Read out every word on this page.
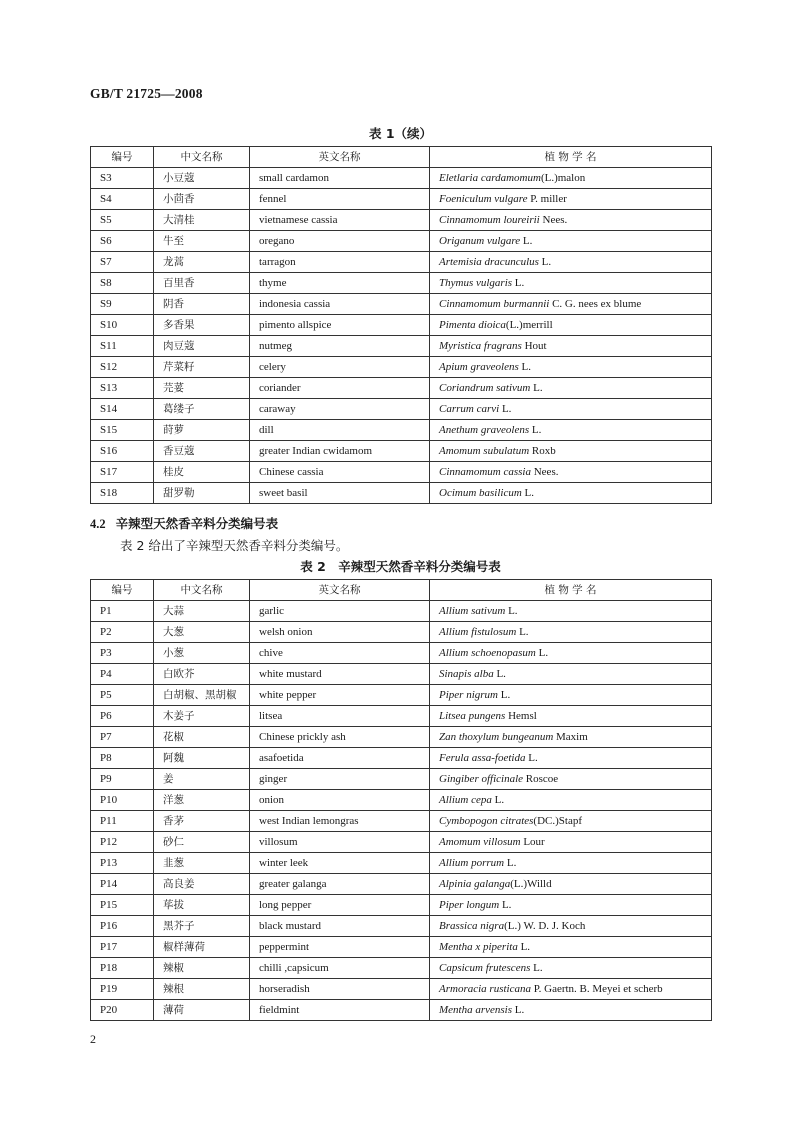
GB/T 21725—2008
表 1（续）
编号	中文名称	英文名称	植 物 学 名
S3	小豆蔻	small cardamon	Eletlaria cardamomum(L.)malon
S4	小茴香	fennel	Foeniculum vulgare P. miller
S5	大清桂	vietnamese cassia	Cinnamomum loureirii Nees.
S6	牛至	oregano	Origanum vulgare L.
S7	龙蒿	tarragon	Artemisia dracunculus L.
S8	百里香	thyme	Thymus vulgaris L.
S9	阴香	indonesia cassia	Cinnamomum burmannii C. G. nees ex blume
S10	多香果	pimento allspice	Pimenta dioica(L.)merrill
S11	肉豆蔻	nutmeg	Myristica fragrans Hout
S12	芹菜籽	celery	Apium graveolens L.
S13	芫荽	coriander	Coriandrum sativum L.
S14	葛缕子	caraway	Carrum carvi L.
S15	莳萝	dill	Anethum graveolens L.
S16	香豆蔻	greater Indian cwidamom	Amomum subulatum Roxb
S17	桂皮	Chinese cassia	Cinnamomum cassia Nees.
S18	甜罗勒	sweet basil	Ocimum basilicum L.
4.2 辛辣型天然香辛料分类编号表
表 2 给出了辛辣型天然香辛料分类编号。
表 2　辛辣型天然香辛料分类编号表
编号	中文名称	英文名称	植 物 学 名
P1	大蒜	garlic	Allium sativum L.
P2	大葱	welsh onion	Allium fistulosum L.
P3	小葱	chive	Allium schoenopasum L.
P4	白欧芥	white mustard	Sinapis alba L.
P5	白胡椒、黑胡椒	white pepper	Piper nigrum L.
P6	木姜子	litsea	Litsea pungens Hemsl
P7	花椒	Chinese prickly ash	Zan thoxylum bungeanum Maxim
P8	阿魏	asafoetida	Ferula assa-foetida L.
P9	姜	ginger	Gingiber officinale Roscoe
P10	洋葱	onion	Allium cepa L.
P11	香茅	west Indian lemongras	Cymbopogon citrates(DC.)Stapf
P12	砂仁	villosum	Amomum villosum Lour
P13	韭葱	winter leek	Allium porrum L.
P14	高良姜	greater galanga	Alpinia galanga(L.)Willd
P15	荜拔	long pepper	Piper longum L.
P16	黑芥子	black mustard	Brassica nigra(L.) W. D. J. Koch
P17	椒样薄荷	peppermint	Mentha x piperita L.
P18	辣椒	chilli ,capsicum	Capsicum frutescens L.
P19	辣根	horseradish	Armoracia rusticana P. Gaertn. B. Meyei et scherb
P20	薄荷	fieldmint	Mentha arvensis L.
2
